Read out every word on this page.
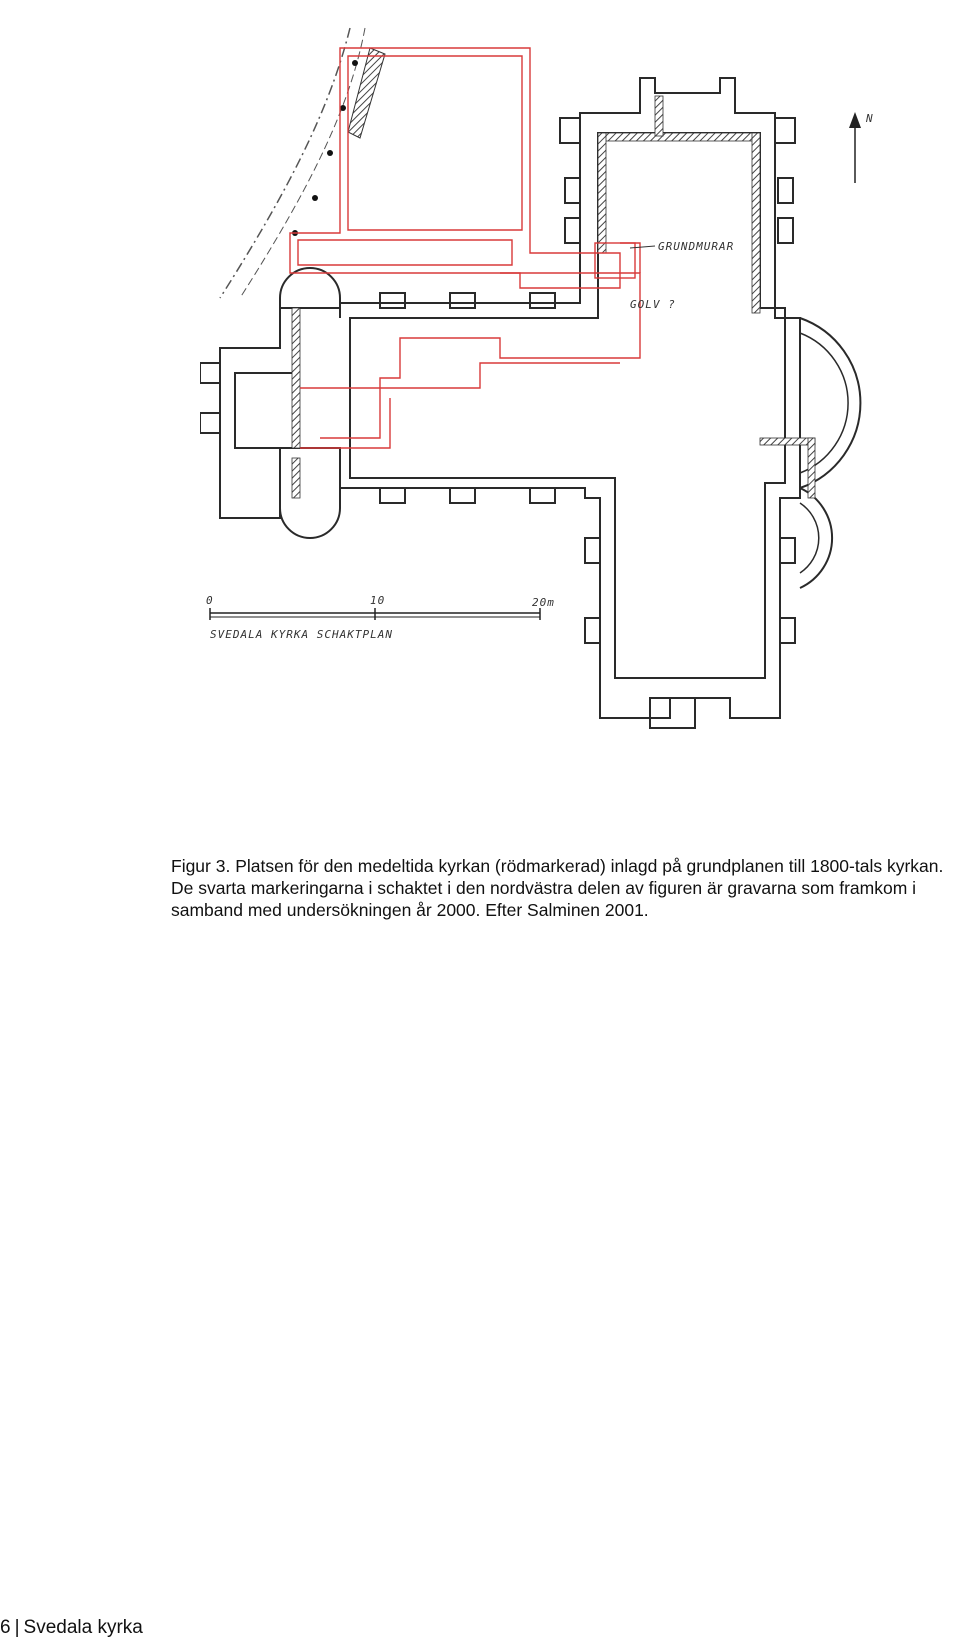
GRUNDMURAR
GOLV ?
N
0	10	20m
SVEDALA KYRKA SCHAKTPLAN
Figur 3. Platsen för den medeltida kyrkan (rödmarkerad) inlagd på grundplanen till 1800-tals kyrkan. De svarta markeringarna i schaktet i den nordvästra delen av figuren är gravarna som framkom i samband med undersökningen år 2000. Efter Salminen 2001.
6 | Svedala kyrka
